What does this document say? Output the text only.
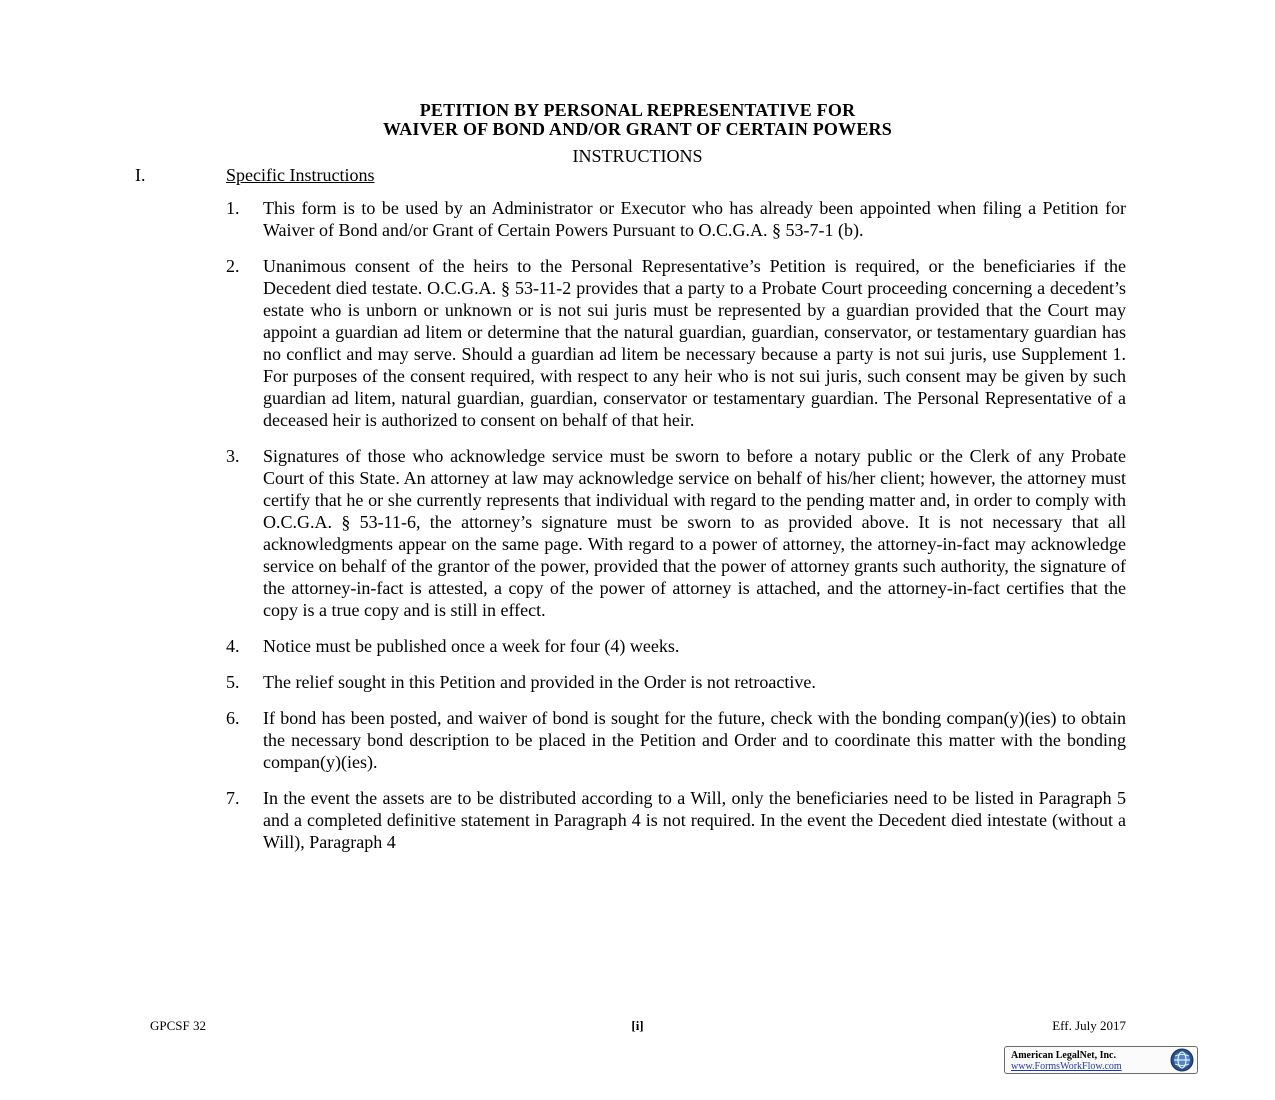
PETITION BY PERSONAL REPRESENTATIVE FOR
WAIVER OF BOND AND/OR GRANT OF CERTAIN POWERS
INSTRUCTIONS
I.	Specific Instructions
1.	This form is to be used by an Administrator or Executor who has already been appointed when filing a Petition for Waiver of Bond and/or Grant of Certain Powers Pursuant to O.C.G.A. § 53-7-1 (b).
2.	Unanimous consent of the heirs to the Personal Representative’s Petition is required, or the beneficiaries if the Decedent died testate. O.C.G.A. § 53-11-2 provides that a party to a Probate Court proceeding concerning a decedent’s estate who is unborn or unknown or is not sui juris must be represented by a guardian provided that the Court may appoint a guardian ad litem or determine that the natural guardian, guardian, conservator, or testamentary guardian has no conflict and may serve. Should a guardian ad litem be necessary because a party is not sui juris, use Supplement 1. For purposes of the consent required, with respect to any heir who is not sui juris, such consent may be given by such guardian ad litem, natural guardian, guardian, conservator or testamentary guardian. The Personal Representative of a deceased heir is authorized to consent on behalf of that heir.
3.	Signatures of those who acknowledge service must be sworn to before a notary public or the Clerk of any Probate Court of this State. An attorney at law may acknowledge service on behalf of his/her client; however, the attorney must certify that he or she currently represents that individual with regard to the pending matter and, in order to comply with O.C.G.A. § 53-11-6, the attorney’s signature must be sworn to as provided above. It is not necessary that all acknowledgments appear on the same page. With regard to a power of attorney, the attorney-in-fact may acknowledge service on behalf of the grantor of the power, provided that the power of attorney grants such authority, the signature of the attorney-in-fact is attested, a copy of the power of attorney is attached, and the attorney-in-fact certifies that the copy is a true copy and is still in effect.
4.	Notice must be published once a week for four (4) weeks.
5.	The relief sought in this Petition and provided in the Order is not retroactive.
6.	If bond has been posted, and waiver of bond is sought for the future, check with the bonding compan(y)(ies) to obtain the necessary bond description to be placed in the Petition and Order and to coordinate this matter with the bonding compan(y)(ies).
7.	In the event the assets are to be distributed according to a Will, only the beneficiaries need to be listed in Paragraph 5 and a completed definitive statement in Paragraph 4 is not required. In the event the Decedent died intestate (without a Will), Paragraph 4
GPCSF 32	[i]	Eff. July 2017
American LegalNet, Inc.
www.FormsWorkFlow.com
